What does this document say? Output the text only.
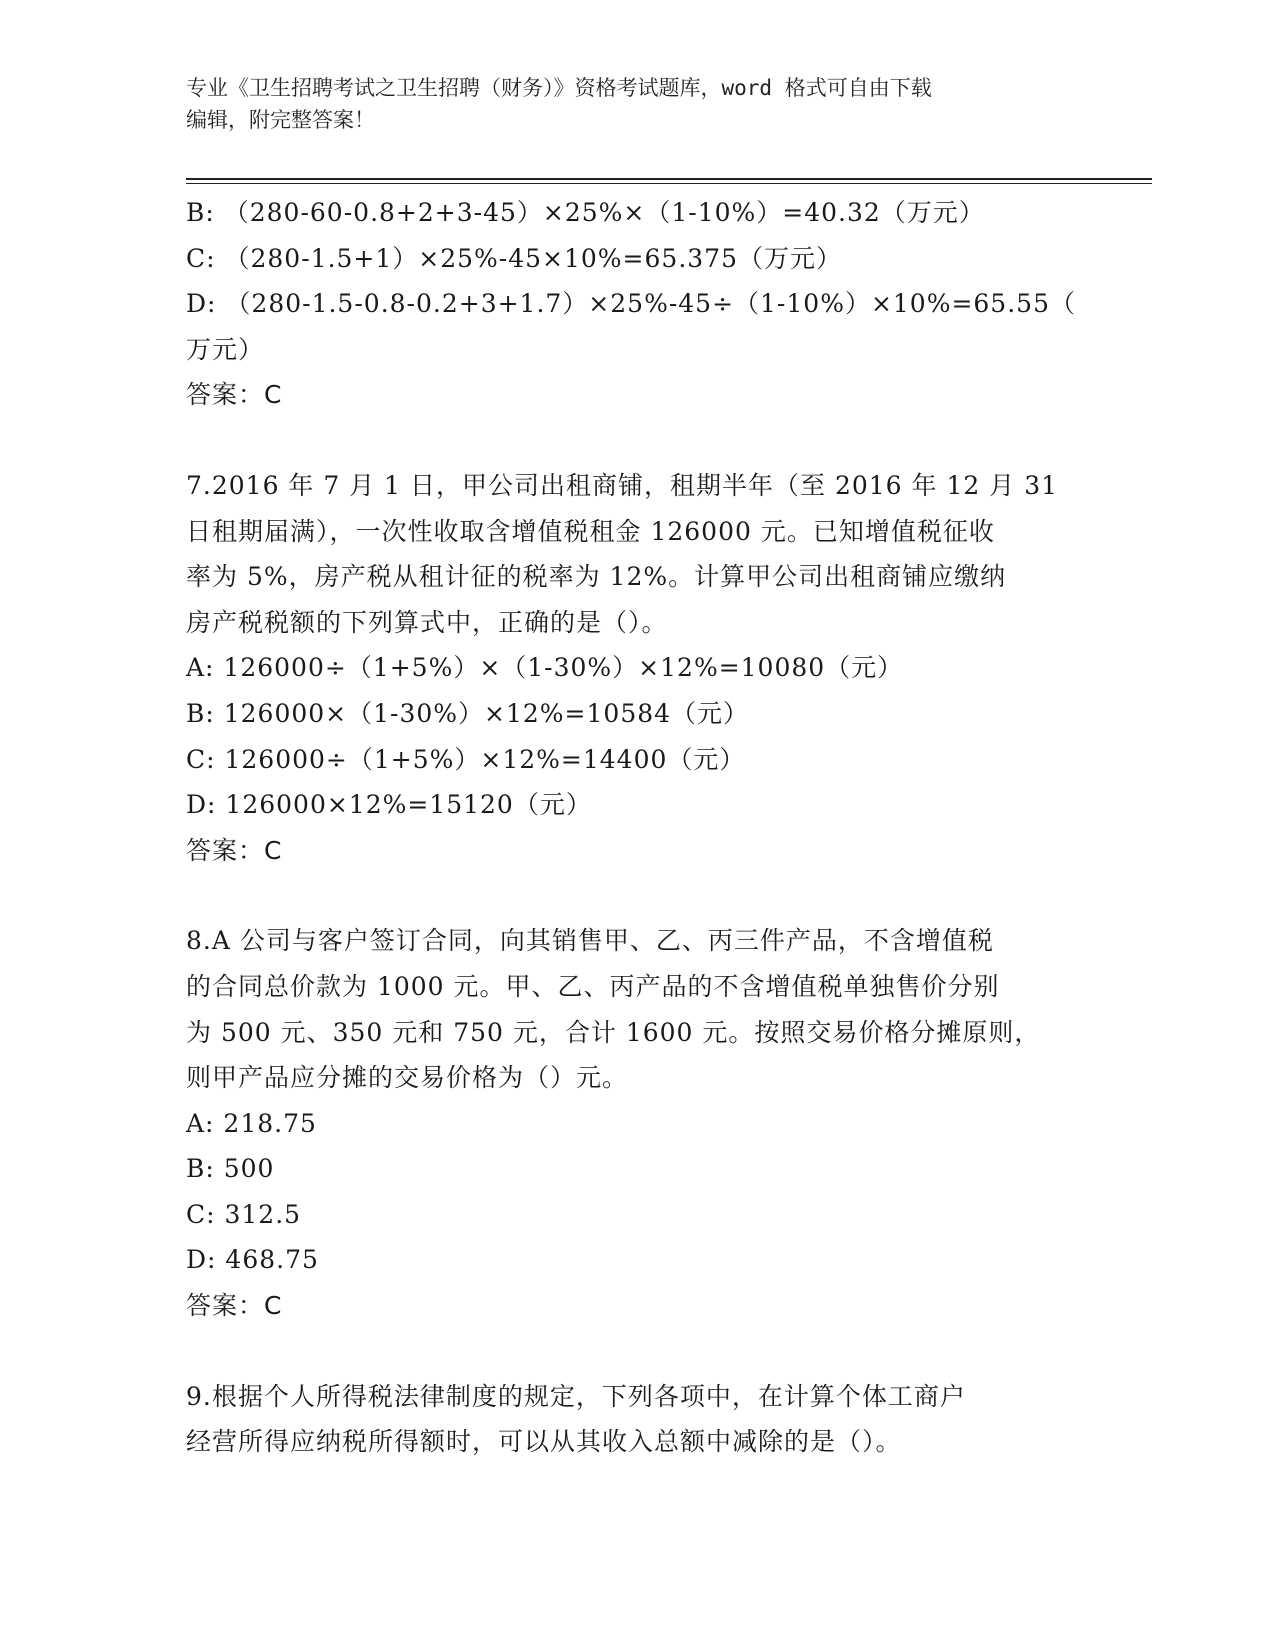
专业《卫生招聘考试之卫生招聘（财务）》资格考试题库，word 格式可自由下载
编辑，附完整答案！

B: （280-60-0.8+2+3-45）×25%×（1-10%）=40.32（万元）

C: （280-1.5+1）×25%-45×10%=65.375（万元）

D: （280-1.5-0.8-0.2+3+1.7）×25%-45÷（1-10%）×10%=65.55（

万元）

答案：C

7.2016 年 7 月 1 日，甲公司出租商铺，租期半年（至 2016 年 12 月 31

日租期届满），一次性收取含增值税租金 126000 元。已知增值税征收

率为 5%，房产税从租计征的税率为 12%。计算甲公司出租商铺应缴纳

房产税税额的下列算式中，正确的是（）。

A: 126000÷（1+5%）×（1-30%）×12%=10080（元）

B: 126000×（1-30%）×12%=10584（元）

C: 126000÷（1+5%）×12%=14400（元）

D: 126000×12%=15120（元）

答案：C

8.A 公司与客户签订合同，向其销售甲、乙、丙三件产品，不含增值税

的合同总价款为 1000 元。甲、乙、丙产品的不含增值税单独售价分别

为 500 元、350 元和 750 元，合计 1600 元。按照交易价格分摊原则，

则甲产品应分摊的交易价格为（）元。

A: 218.75

B: 500

C: 312.5

D: 468.75

答案：C

9.根据个人所得税法律制度的规定，下列各项中，在计算个体工商户

经营所得应纳税所得额时，可以从其收入总额中减除的是（）。
